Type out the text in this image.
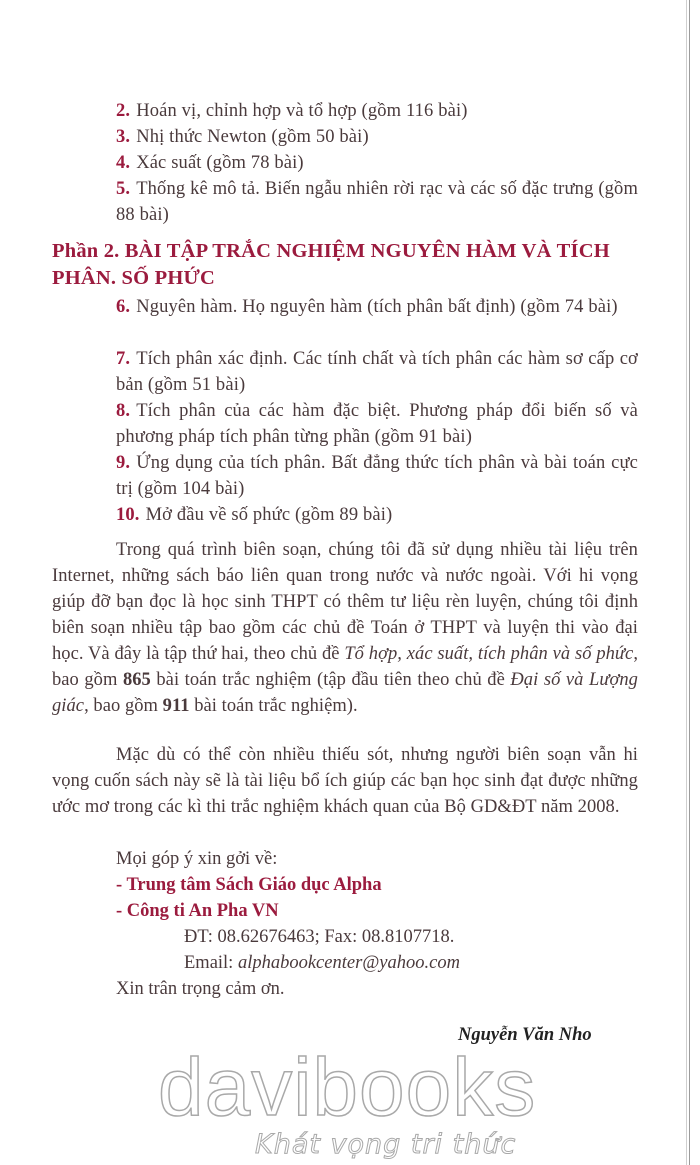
2. Hoán vị, chỉnh hợp và tổ hợp (gồm 116 bài)
3. Nhị thức Newton (gồm 50 bài)
4. Xác suất (gồm 78 bài)
5. Thống kê mô tả. Biến ngẫu nhiên rời rạc và các số đặc trưng (gồm 88 bài)
Phần 2. BÀI TẬP TRẮC NGHIỆM NGUYÊN HÀM VÀ TÍCH PHÂN. SỐ PHỨC
6. Nguyên hàm. Họ nguyên hàm (tích phân bất định) (gồm 74 bài)
7. Tích phân xác định. Các tính chất và tích phân các hàm sơ cấp cơ bản (gồm 51 bài)
8. Tích phân của các hàm đặc biệt. Phương pháp đổi biến số và phương pháp tích phân từng phần (gồm 91 bài)
9. Ứng dụng của tích phân. Bất đẳng thức tích phân và bài toán cực trị (gồm 104 bài)
10. Mở đầu về số phức (gồm 89 bài)
Trong quá trình biên soạn, chúng tôi đã sử dụng nhiều tài liệu trên Internet, những sách báo liên quan trong nước và nước ngoài. Với hi vọng giúp đỡ bạn đọc là học sinh THPT có thêm tư liệu rèn luyện, chúng tôi định biên soạn nhiều tập bao gồm các chủ đề Toán ở THPT và luyện thi vào đại học. Và đây là tập thứ hai, theo chủ đề Tổ hợp, xác suất, tích phân và số phức, bao gồm 865 bài toán trắc nghiệm (tập đầu tiên theo chủ đề Đại số và Lượng giác, bao gồm 911 bài toán trắc nghiệm).
Mặc dù có thể còn nhiều thiếu sót, nhưng người biên soạn vẫn hi vọng cuốn sách này sẽ là tài liệu bổ ích giúp các bạn học sinh đạt được những ước mơ trong các kì thi trắc nghiệm khách quan của Bộ GD&ĐT năm 2008.
Mọi góp ý xin gởi về:
- Trung tâm Sách Giáo dục Alpha
- Công ti An Pha VN
ĐT: 08.62676463; Fax: 08.8107718.
Email: alphabookcenter@yahoo.com
Xin trân trọng cảm ơn.
Nguyễn Văn Nho
davibooks
Khát vọng tri thức
